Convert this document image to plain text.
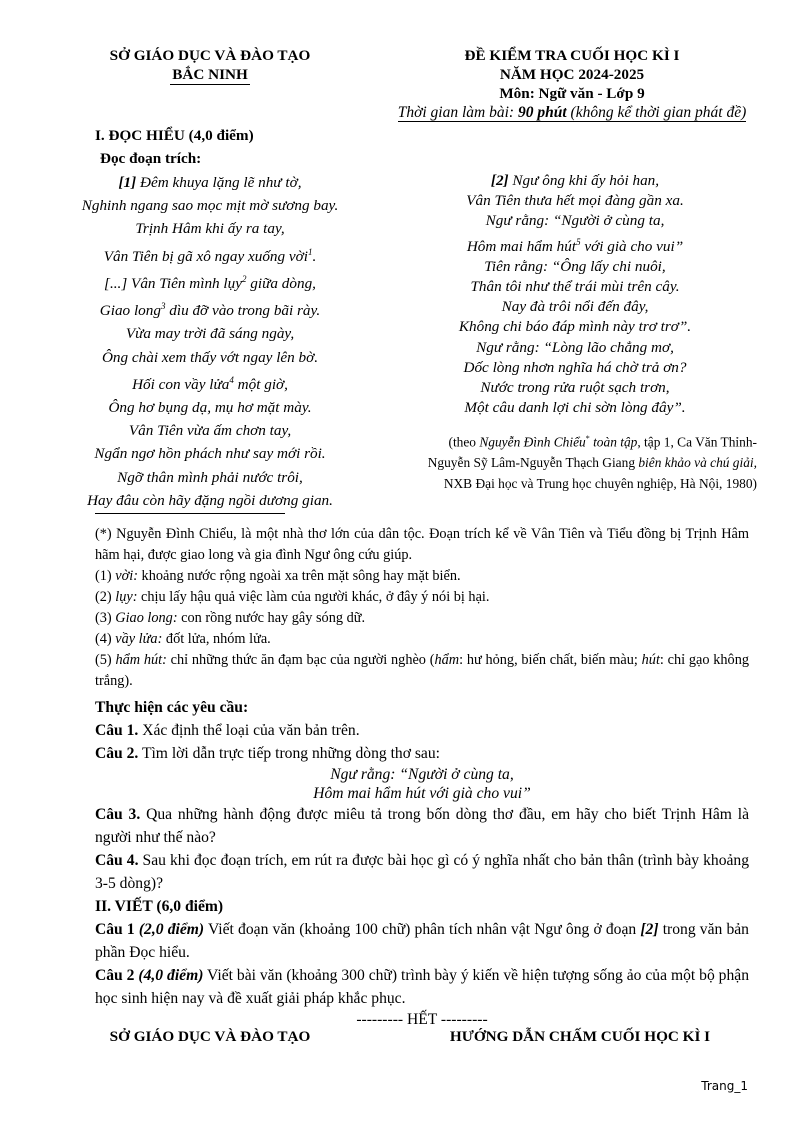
SỞ GIÁO DỤC VÀ ĐÀO TẠO
BẮC NINH
ĐỀ KIỂM TRA CUỐI HỌC KÌ I
NĂM HỌC 2024-2025
Môn: Ngữ văn - Lớp 9
Thời gian làm bài: 90 phút (không kể thời gian phát đề)
I. ĐỌC HIỂU (4,0 điểm)
Đọc đoạn trích:
[1] Đêm khuya lặng lẽ như tờ,
Nghinh ngang sao mọc mịt mờ sương bay.
Trịnh Hâm khi ấy ra tay,
Vân Tiên bị gã xô ngay xuống vời$^1$.
[...] Vân Tiên mình lụy$^2$ giữa dòng,
Giao long$^3$ dìu đỡ vào trong bãi rày.
Vừa may trời đã sáng ngày,
Ông chài xem thấy vớt ngay lên bờ.
Hối con vầy lửa$^4$ một giờ,
Ông hơ bụng dạ, mụ hơ mặt mày.
Vân Tiên vừa ấm chơn tay,
Ngẩn ngơ hồn phách như say mới rồi.
Ngỡ thân mình phải nước trôi,
Hay đâu còn hãy đặng ngồi dương gian.
[2] Ngư ông khi ấy hỏi han,
Vân Tiên thưa hết mọi đàng gần xa.
Ngư rằng: “Người ở cùng ta,
Hôm mai hẩm hút$^5$ với già cho vui”
Tiên rằng: “Ông lấy chi nuôi,
Thân tôi như thể trái mùi trên cây.
Nay đà trôi nổi đến đây,
Không chi báo đáp mình này trơ trơ”.
Ngư rằng: “Lòng lão chẳng mơ,
Dốc lòng nhơn nghĩa há chờ trả ơn?
Nước trong rửa ruột sạch trơn,
Một câu danh lợi chi sờn lòng đây”.
(theo Nguyễn Đình Chiểu* toàn tập, tập 1, Ca Văn Thỉnh-
Nguyễn Sỹ Lâm-Nguyễn Thạch Giang biên khảo và chú giải,
NXB Đại học và Trung học chuyên nghiệp, Hà Nội, 1980)

(*) Nguyễn Đình Chiểu, là một nhà thơ lớn của dân tộc. Đoạn trích kể về Vân Tiên và Tiểu đồng bị Trịnh Hâm hãm hại, được giao long và gia đình Ngư ông cứu giúp.

(1) vời: khoảng nước rộng ngoài xa trên mặt sông hay mặt biển.

(2) lụy: chịu lấy hậu quả việc làm của người khác, ở đây ý nói bị hại.

(3) Giao long: con rồng nước hay gây sóng dữ.

(4) vầy lửa: đốt lửa, nhóm lửa.

(5) hẩm hút: chỉ những thức ăn đạm bạc của người nghèo (hẩm: hư hỏng, biến chất, biến màu; hút: chỉ gạo không trắng).

Thực hiện các yêu cầu:

Câu 1. Xác định thể loại của văn bản trên.

Câu 2. Tìm lời dẫn trực tiếp trong những dòng thơ sau:

Ngư rằng: “Người ở cùng ta,
Hôm mai hẩm hút với già cho vui”

Câu 3. Qua những hành động được miêu tả trong bốn dòng thơ đầu, em hãy cho biết Trịnh Hâm là người như thế nào?

Câu 4. Sau khi đọc đoạn trích, em rút ra được bài học gì có ý nghĩa nhất cho bản thân (trình bày khoảng 3-5 dòng)?

II. VIẾT (6,0 điểm)

Câu 1 (2,0 điểm) Viết đoạn văn (khoảng 100 chữ) phân tích nhân vật Ngư ông ở đoạn [2] trong văn bản phần Đọc hiểu.

Câu 2 (4,0 điểm) Viết bài văn (khoảng 300 chữ) trình bày ý kiến về hiện tượng sống ảo của một bộ phận học sinh hiện nay và đề xuất giải pháp khắc phục.

--------- HẾT ---------

SỞ GIÁO DỤC VÀ ĐÀO TẠO	HƯỚNG DẪN CHẤM CUỐI HỌC KÌ I
Trang_1
